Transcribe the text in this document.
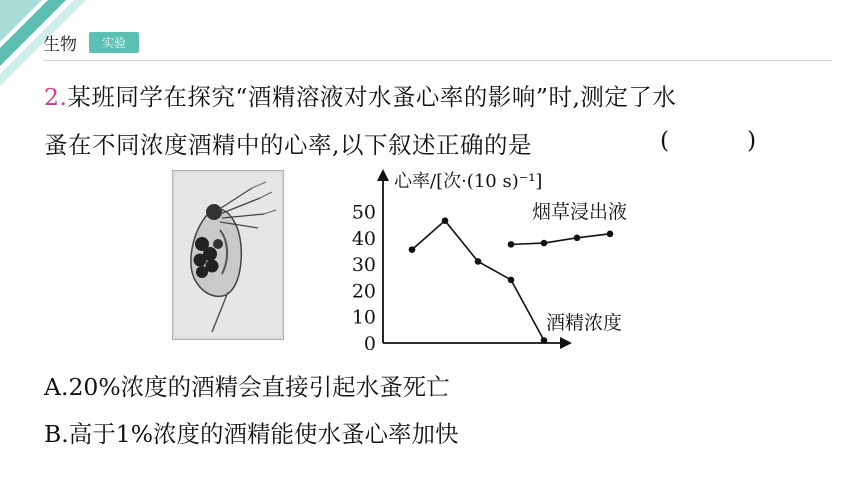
生物	实验
2.某班同学在探究“酒精溶液对水蚤心率的影响”时,测定了水
蚤在不同浓度酒精中的心率,以下叙述正确的是	(	)
心率/[次·(10 s)⁻¹]
50
40
30
20
10
0
烟草浸出液
酒精浓度
A.20%浓度的酒精会直接引起水蚤死亡
B.高于1%浓度的酒精能使水蚤心率加快
